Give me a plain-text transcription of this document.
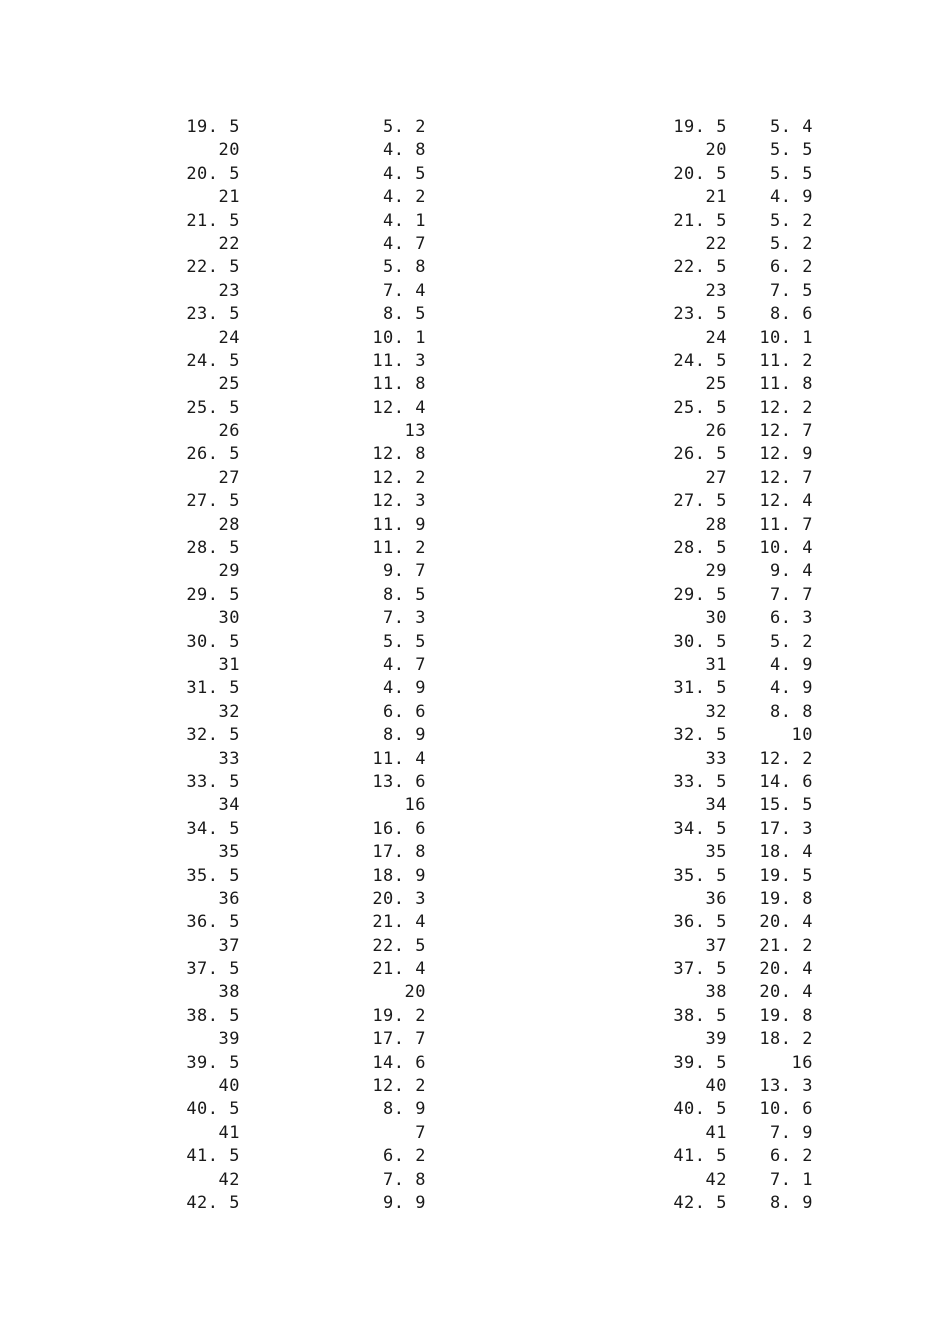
19. 5	5. 2
20	4. 8
20. 5	4. 5
21	4. 2
21. 5	4. 1
22	4. 7
22. 5	5. 8
23	7. 4
23. 5	8. 5
24	10. 1
24. 5	11. 3
25	11. 8
25. 5	12. 4
26	13
26. 5	12. 8
27	12. 2
27. 5	12. 3
28	11. 9
28. 5	11. 2
29	9. 7
29. 5	8. 5
30	7. 3
30. 5	5. 5
31	4. 7
31. 5	4. 9
32	6. 6
32. 5	8. 9
33	11. 4
33. 5	13. 6
34	16
34. 5	16. 6
35	17. 8
35. 5	18. 9
36	20. 3
36. 5	21. 4
37	22. 5
37. 5	21. 4
38	20
38. 5	19. 2
39	17. 7
39. 5	14. 6
40	12. 2
40. 5	8. 9
41	7
41. 5	6. 2
42	7. 8
42. 5	9. 9
19. 5	5. 4
20	5. 5
20. 5	5. 5
21	4. 9
21. 5	5. 2
22	5. 2
22. 5	6. 2
23	7. 5
23. 5	8. 6
24	10. 1
24. 5	11. 2
25	11. 8
25. 5	12. 2
26	12. 7
26. 5	12. 9
27	12. 7
27. 5	12. 4
28	11. 7
28. 5	10. 4
29	9. 4
29. 5	7. 7
30	6. 3
30. 5	5. 2
31	4. 9
31. 5	4. 9
32	8. 8
32. 5	10
33	12. 2
33. 5	14. 6
34	15. 5
34. 5	17. 3
35	18. 4
35. 5	19. 5
36	19. 8
36. 5	20. 4
37	21. 2
37. 5	20. 4
38	20. 4
38. 5	19. 8
39	18. 2
39. 5	16
40	13. 3
40. 5	10. 6
41	7. 9
41. 5	6. 2
42	7. 1
42. 5	8. 9
